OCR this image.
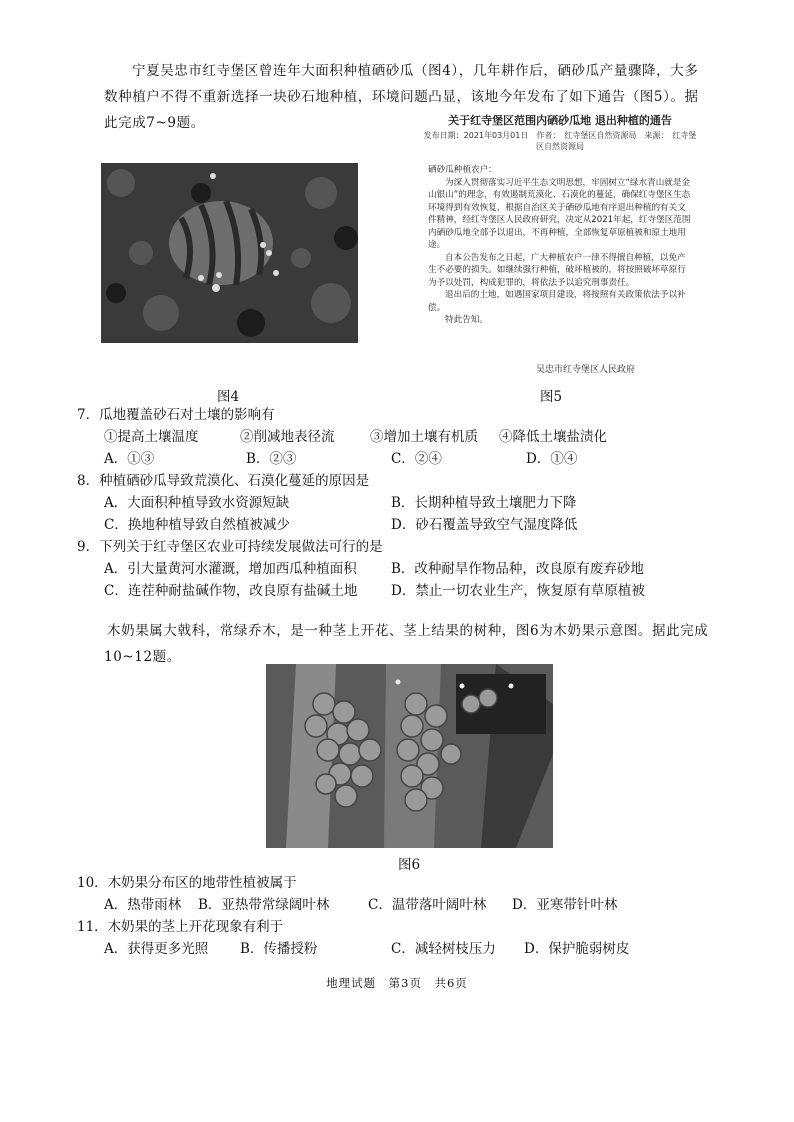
宁夏吴忠市红寺堡区曾连年大面积种植硒砂瓜（图4），几年耕作后，硒砂瓜产量骤降，大多数种植户不得不重新选择一块砂石地种植，环境问题凸显，该地今年发布了如下通告（图5）。据此完成7~9题。
图4
关于红寺堡区范围内硒砂瓜地 退出种植的通告
发布日期：2021年03月01日　作者：　红寺堡区自然资源局　来源：　红寺堡区自然资源局
硒砂瓜种植农户：
为深入贯彻落实习近平生态文明思想，牢固树立“绿水青山就是金山银山”的理念，有效遏制荒漠化、石漠化的蔓延，确保红寺堡区生态环境得到有效恢复，根据自治区关于硒砂瓜地有序退出种植的有关文件精神，经红寺堡区人民政府研究，决定从2021年起，红寺堡区范围内硒砂瓜地全部予以退出，不再种植，全部恢复草原植被和原土地用途。
自本公告发布之日起，广大种植农户一律不得擅自种植，以免产生不必要的损失。如继续强行种植，破坏植被的，将按照破坏草原行为予以处罚，构成犯罪的，将依法予以追究刑事责任。
退出后的土地，如遇国家项目建设，将按照有关政策依法予以补偿。
特此告知。
吴忠市红寺堡区人民政府
图5
7．瓜地覆盖砂石对土壤的影响有
①提高土壤温度	②削减地表径流	③增加土壤有机质 ④降低土壤盐渍化
A．①③	B．②③	C．②④	D．①④
8．种植硒砂瓜导致荒漠化、石漠化蔓延的原因是
A．大面积种植导致水资源短缺	B．长期种植导致土壤肥力下降
C．换地种植导致自然植被减少	D．砂石覆盖导致空气湿度降低
9．下列关于红寺堡区农业可持续发展做法可行的是
A．引大量黄河水灌溉，增加西瓜种植面积	B．改种耐旱作物品种，改良原有废弃砂地
C．连茬种耐盐碱作物，改良原有盐碱土地 D．禁止一切农业生产，恢复原有草原植被
木奶果属大戟科，常绿乔木，是一种茎上开花、茎上结果的树种，图6为木奶果示意图。据此完成10~12题。
图6
10．木奶果分布区的地带性植被属于
A．热带雨林 B．亚热带常绿阔叶林	C．温带落叶阔叶林 D．亚寒带针叶林
11．木奶果的茎上开花现象有利于
A．获得更多光照 B．传播授粉	C．减轻树枝压力 D．保护脆弱树皮
地理试题　第3页　共6页
